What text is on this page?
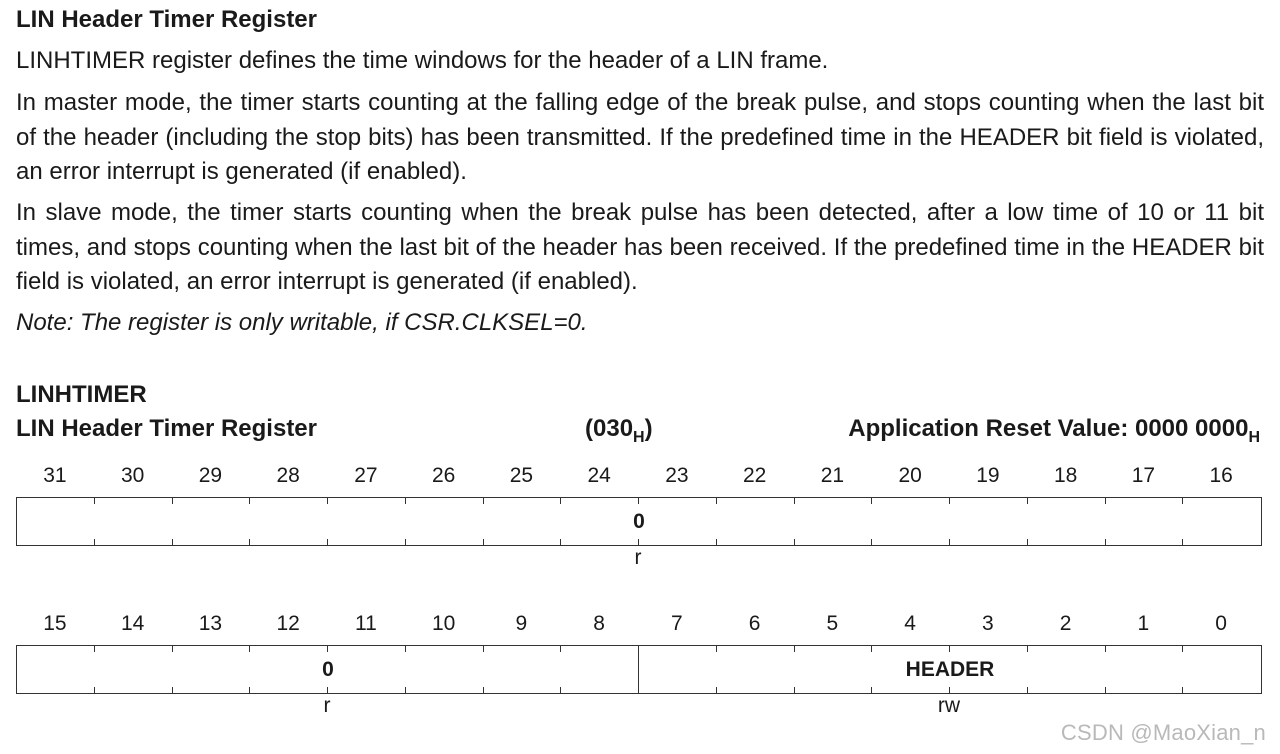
LIN Header Timer Register

LINHTIMER register defines the time windows for the header of a LIN frame.

In master mode, the timer starts counting at the falling edge of the break pulse, and stops counting when the last bit of the header (including the stop bits) has been transmitted. If the predefined time in the HEADER bit field is violated, an error interrupt is generated (if enabled).

In slave mode, the timer starts counting when the break pulse has been detected, after a low time of 10 or 11 bit times, and stops counting when the last bit of the header has been received. If the predefined time in the HEADER bit field is violated, an error interrupt is generated (if enabled).

Note: The register is only writable, if CSR.CLKSEL=0.

LINHTIMER

LIN Header Timer Register	$(030_H)$	Application Reset Value: 0000 $0000_H$

31	30	29	28	27	26	25	24	23	22	21	20	19	18	17	16
0
r
15	14	13	12	11	10	9	8	7	6	5	4	3	2	1	0
0	HEADER
r	rw
CSDN @MaoXian_n
